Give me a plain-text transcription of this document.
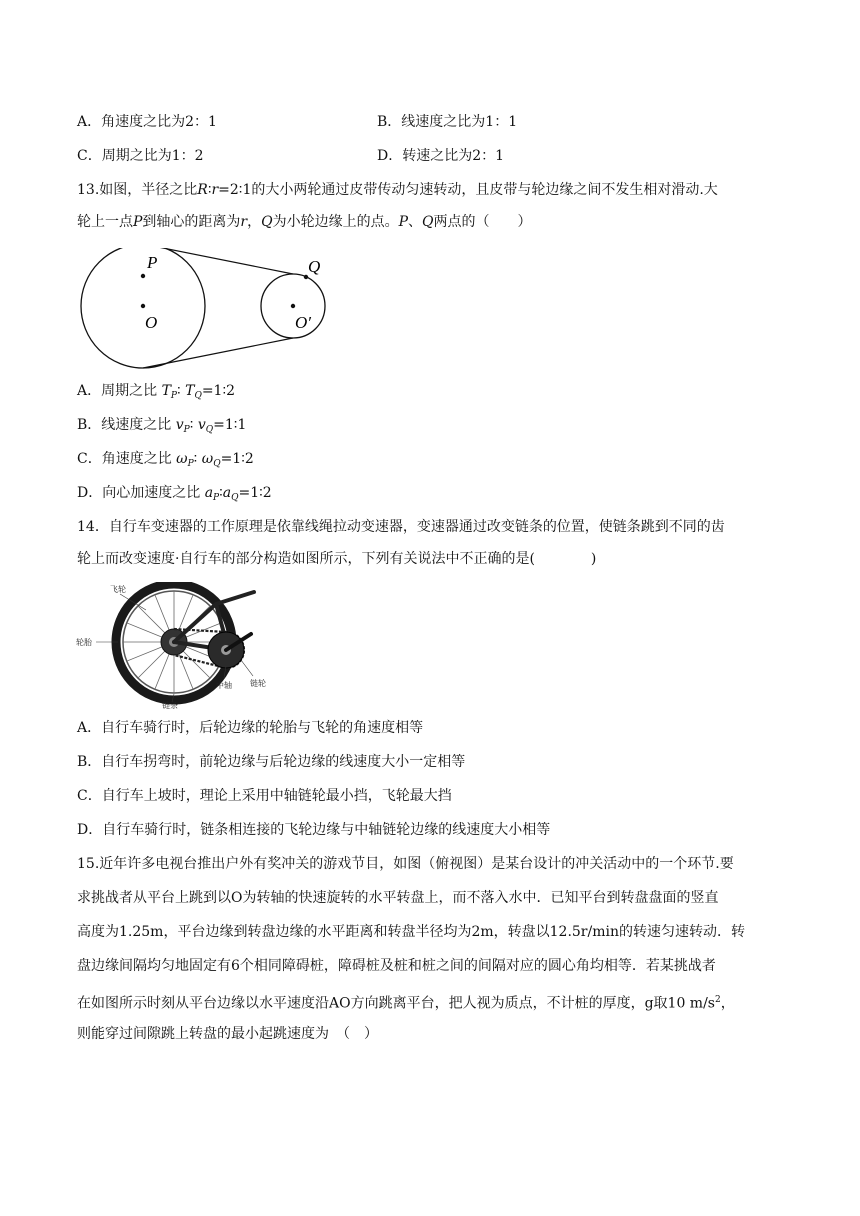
A．角速度之比为2：1	B．线速度之比为1：1
C．周期之比为1：2	D．转速之比为2：1
13.如图，半径之比R∶r=2∶1的大小两轮通过皮带传动匀速转动，且皮带与轮边缘之间不发生相对滑动.大
轮上一点P到轴心的距离为r，Q为小轮边缘上的点。P、Q两点的（　　）
P
O
Q
O′
A．周期之比 $T_P∶$ $T_Q=1∶2$
B．线速度之比 $v_P∶$ $v_Q=1∶1$
C．角速度之比 $\omega_P∶$ $\omega_Q=1∶2$
D．向心加速度之比 $a_P∶a_Q=1∶2$
14．自行车变速器的工作原理是依靠线绳拉动变速器，变速器通过改变链条的位置，使链条跳到不同的齿
轮上而改变速度·自行车的部分构造如图所示，下列有关说法中不正确的是(　　　　)
飞轮
轮胎
中轴 链轮
链条
A．自行车骑行时，后轮边缘的轮胎与飞轮的角速度相等
B．自行车拐弯时，前轮边缘与后轮边缘的线速度大小一定相等
C．自行车上坡时，理论上采用中轴链轮最小挡，飞轮最大挡
D．自行车骑行时，链条相连接的飞轮边缘与中轴链轮边缘的线速度大小相等
15.近年许多电视台推出户外有奖冲关的游戏节目，如图（俯视图）是某台设计的冲关活动中的一个环节.要
求挑战者从平台上跳到以O为转轴的快速旋转的水平转盘上，而不落入水中．已知平台到转盘盘面的竖直
高度为1.25m，平台边缘到转盘边缘的水平距离和转盘半径均为2m，转盘以12.5r/min的转速匀速转动．转
盘边缘间隔均匀地固定有6个相同障碍桩，障碍桩及桩和桩之间的间隔对应的圆心角均相等．若某挑战者
在如图所示时刻从平台边缘以水平速度沿AO方向跳离平台，把人视为质点，不计桩的厚度，g取10 $m/s^2$，
则能穿过间隙跳上转盘的最小起跳速度为　（　）
